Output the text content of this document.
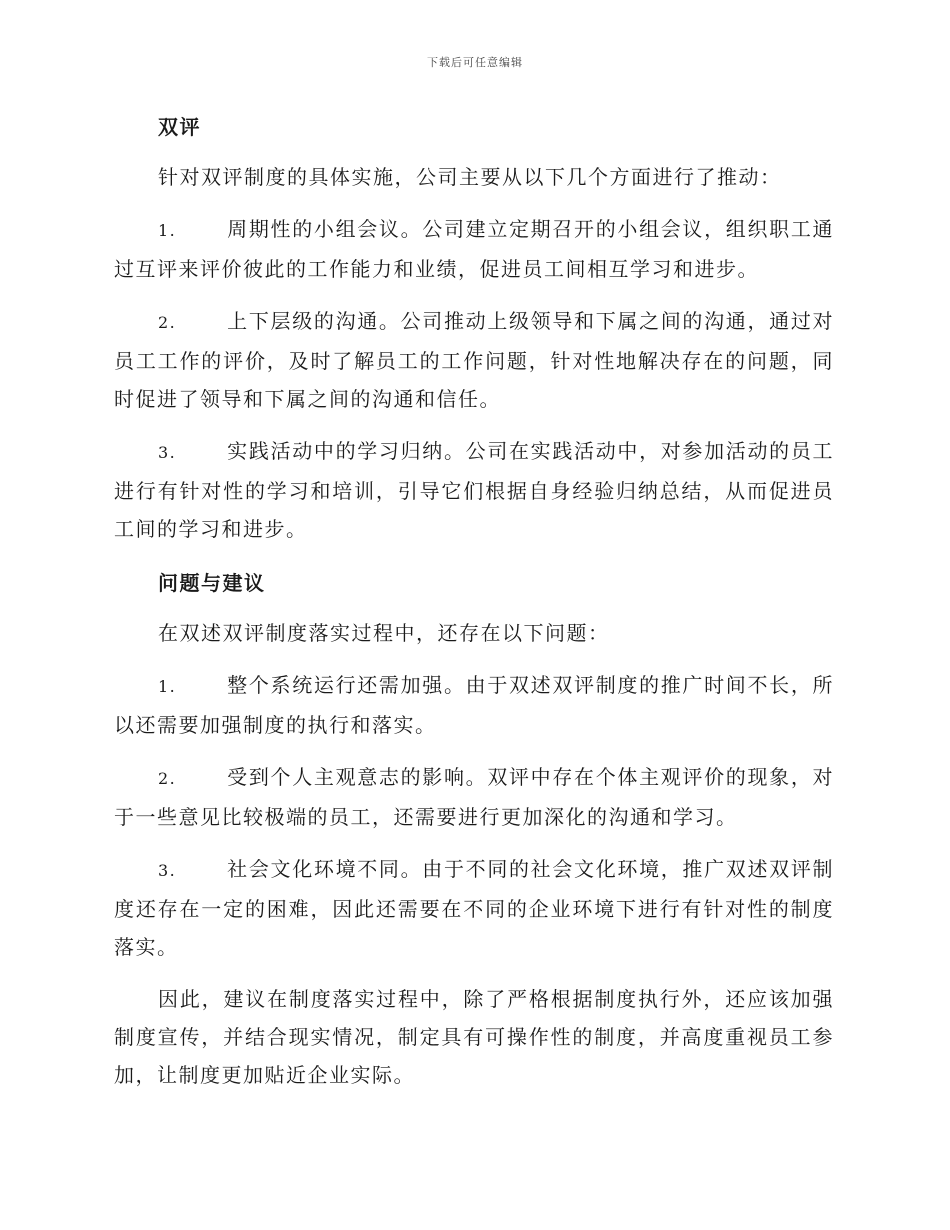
下载后可任意编辑
双评

针对双评制度的具体实施，公司主要从以下几个方面进行了推动：

1.	周期性的小组会议。公司建立定期召开的小组会议，组织职工通过互评来评价彼此的工作能力和业绩，促进员工间相互学习和进步。

2.	上下层级的沟通。公司推动上级领导和下属之间的沟通，通过对员工工作的评价，及时了解员工的工作问题，针对性地解决存在的问题，同时促进了领导和下属之间的沟通和信任。

3.	实践活动中的学习归纳。公司在实践活动中，对参加活动的员工进行有针对性的学习和培训，引导它们根据自身经验归纳总结，从而促进员工间的学习和进步。

问题与建议

在双述双评制度落实过程中，还存在以下问题：

1.	整个系统运行还需加强。由于双述双评制度的推广时间不长，所以还需要加强制度的执行和落实。

2.	受到个人主观意志的影响。双评中存在个体主观评价的现象，对于一些意见比较极端的员工，还需要进行更加深化的沟通和学习。

3.	社会文化环境不同。由于不同的社会文化环境，推广双述双评制度还存在一定的困难，因此还需要在不同的企业环境下进行有针对性的制度落实。

因此，建议在制度落实过程中，除了严格根据制度执行外，还应该加强制度宣传，并结合现实情况，制定具有可操作性的制度，并高度重视员工参加，让制度更加贴近企业实际。
